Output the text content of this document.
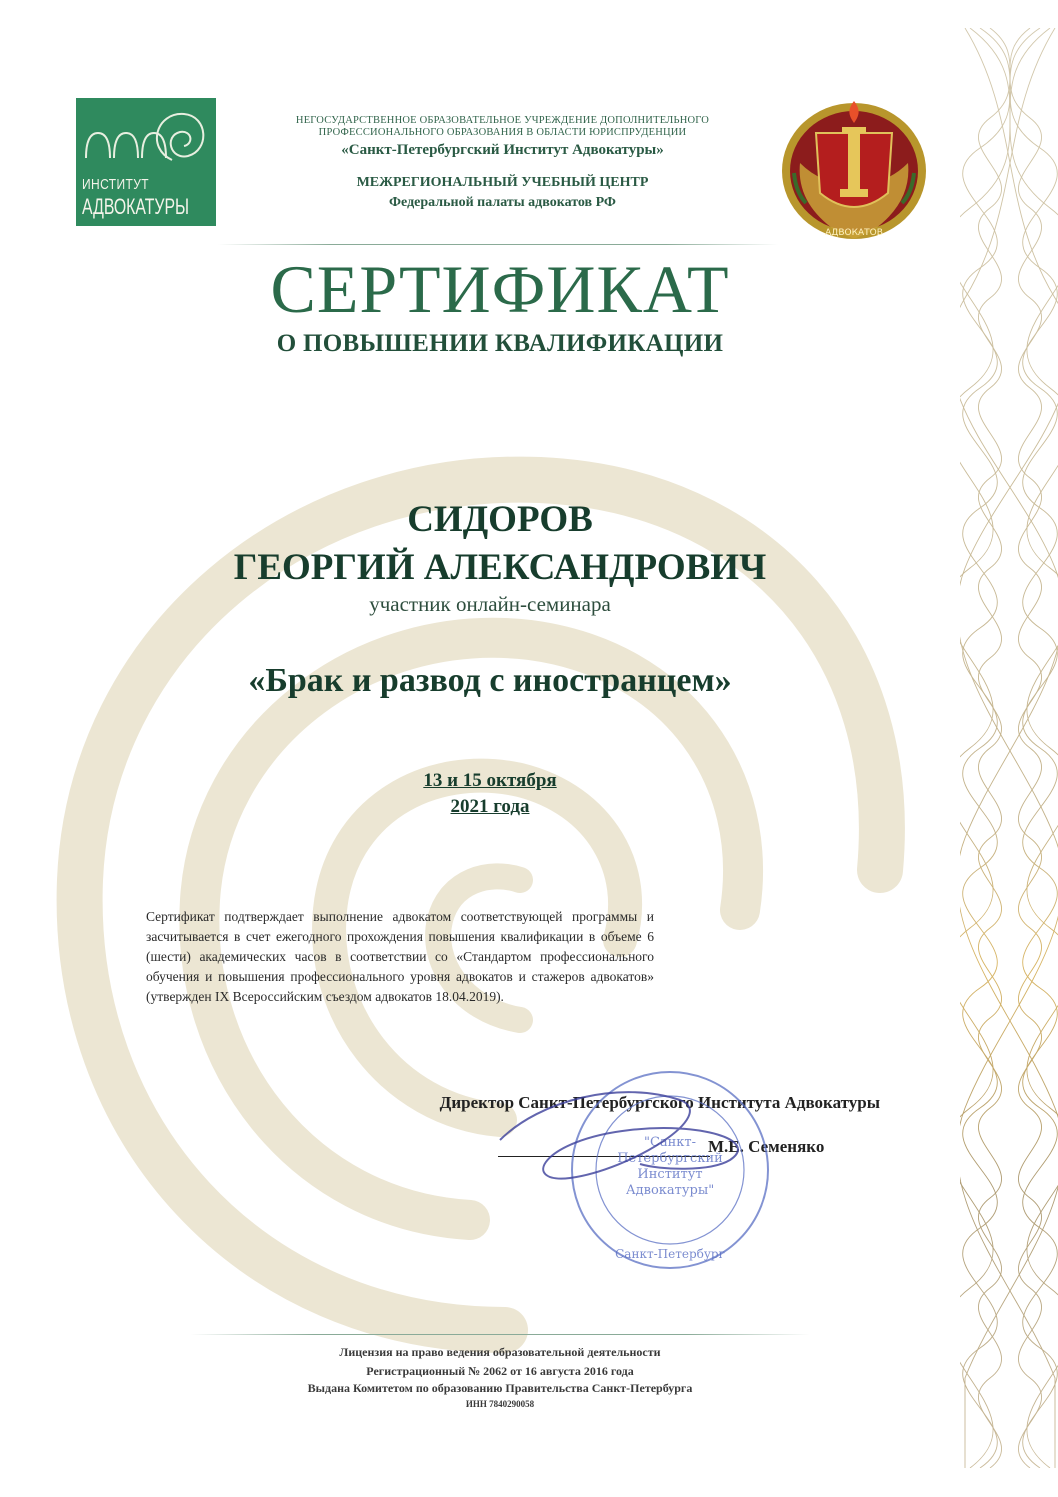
ИНСТИТУТ
АДВОКАТУРЫ
НЕГОСУДАРСТВЕННОЕ ОБРАЗОВАТЕЛЬНОЕ УЧРЕЖДЕНИЕ ДОПОЛНИТЕЛЬНОГО
ПРОФЕССИОНАЛЬНОГО ОБРАЗОВАНИЯ В ОБЛАСТИ ЮРИСПРУДЕНЦИИ
«Санкт-Петербургский Институт Адвокатуры»
МЕЖРЕГИОНАЛЬНЫЙ УЧЕБНЫЙ ЦЕНТР
Федеральной палаты адвокатов РФ
АДВОКАТОВ
СЕРТИФИКАТ
О ПОВЫШЕНИИ КВАЛИФИКАЦИИ
СИДОРОВ
ГЕОРГИЙ АЛЕКСАНДРОВИЧ
участник онлайн-семинара
«Брак и развод с иностранцем»
13 и 15 октября
2021 года
Сертификат подтверждает выполнение адвокатом соответствующей программы и засчитывается в счет ежегодного прохождения повышения квалификации в объеме 6 (шести) академических часов в соответствии со «Стандартом профессионального обучения и повышения профессионального уровня адвокатов и стажеров адвокатов» (утвержден IX Всероссийским съездом адвокатов 18.04.2019).
Директор Санкт-Петербургского Института Адвокатуры
М.Е. Семеняко
"Санкт-
Петербургский
Институт
Адвокатуры"
Санкт-Петербург
Лицензия на право ведения образовательной деятельности
Регистрационный № 2062 от 16 августа 2016 года
Выдана Комитетом по образованию Правительства Санкт-Петербурга
ИНН 7840290058
